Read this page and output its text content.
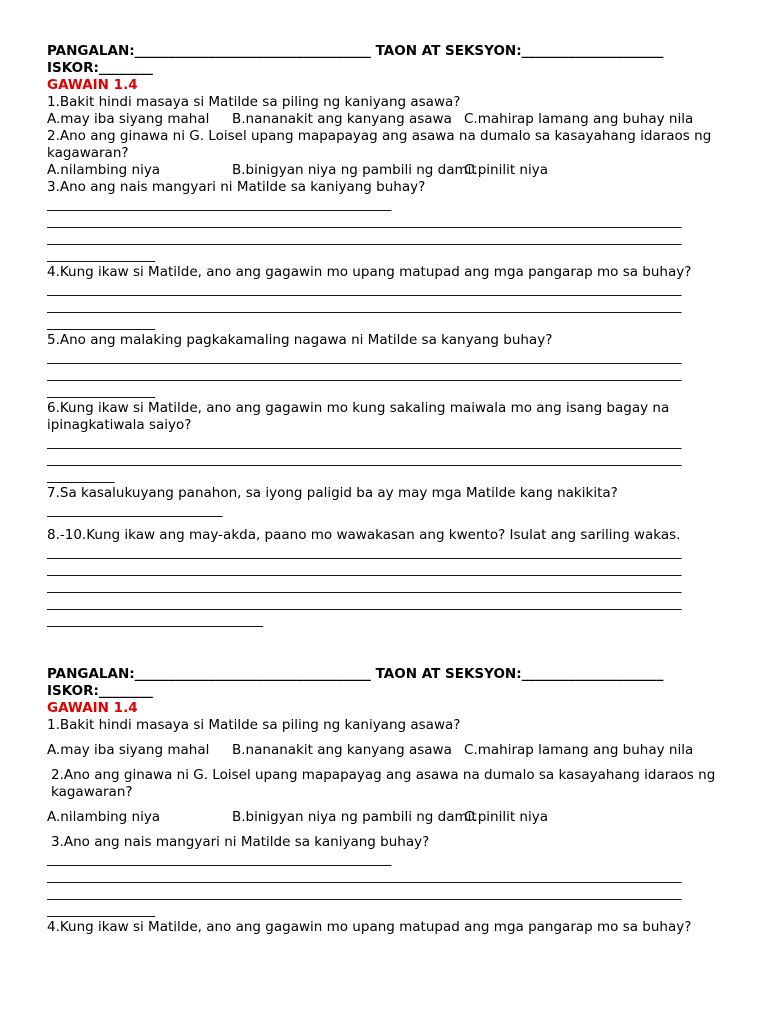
PANGALAN:___________________________________ TAON AT SEKSYON:_____________________
ISKOR:________
GAWAIN 1.4
1.Bakit hindi masaya si Matilde sa piling ng kaniyang asawa?

A.may iba siyang mahal

B.nananakit ang kanyang asawa

C.mahirap lamang ang buhay nila

2.Ano ang ginawa ni G. Loisel upang mapapayag ang asawa na dumalo sa kasayahang idaraos ng kagawaran?

A.nilambing niya

	B.binigyan niya ng pambili ng damit

C.pinilit niya

3.Ano ang nais mangyari ni Matilde sa kaniyang buhay?
___________________________________________________
______________________________________________________________________________________________
______________________________________________________________________________________________
________________
4.Kung ikaw si Matilde, ano ang gagawin mo upang matupad ang mga pangarap mo sa buhay?
______________________________________________________________________________________________
______________________________________________________________________________________________
________________
5.Ano ang malaking pagkakamaling nagawa ni Matilde sa kanyang buhay?
______________________________________________________________________________________________
______________________________________________________________________________________________
________________
6.Kung ikaw si Matilde, ano ang gagawin mo kung sakaling maiwala mo ang isang bagay na ipinagkatiwala saiyo?
______________________________________________________________________________________________
______________________________________________________________________________________________
__________
7.Sa kasalukuyang panahon, sa iyong paligid ba ay may mga Matilde kang nakikita?
__________________________
8.-10.Kung ikaw ang may-akda, paano mo wawakasan ang kwento? Isulat ang sariling wakas.
______________________________________________________________________________________________
______________________________________________________________________________________________
______________________________________________________________________________________________
______________________________________________________________________________________________
________________________________
PANGALAN:___________________________________ TAON AT SEKSYON:_____________________
ISKOR:________
GAWAIN 1.4
1.Bakit hindi masaya si Matilde sa piling ng kaniyang asawa?

A.may iba siyang mahal

B.nananakit ang kanyang asawa

C.mahirap lamang ang buhay nila

2.Ano ang ginawa ni G. Loisel upang mapapayag ang asawa na dumalo sa kasayahang idaraos ng kagawaran?

A.nilambing niya

	B.binigyan niya ng pambili ng damit

C.pinilit niya

3.Ano ang nais mangyari ni Matilde sa kaniyang buhay?
___________________________________________________
______________________________________________________________________________________________
______________________________________________________________________________________________
________________
4.Kung ikaw si Matilde, ano ang gagawin mo upang matupad ang mga pangarap mo sa buhay?
